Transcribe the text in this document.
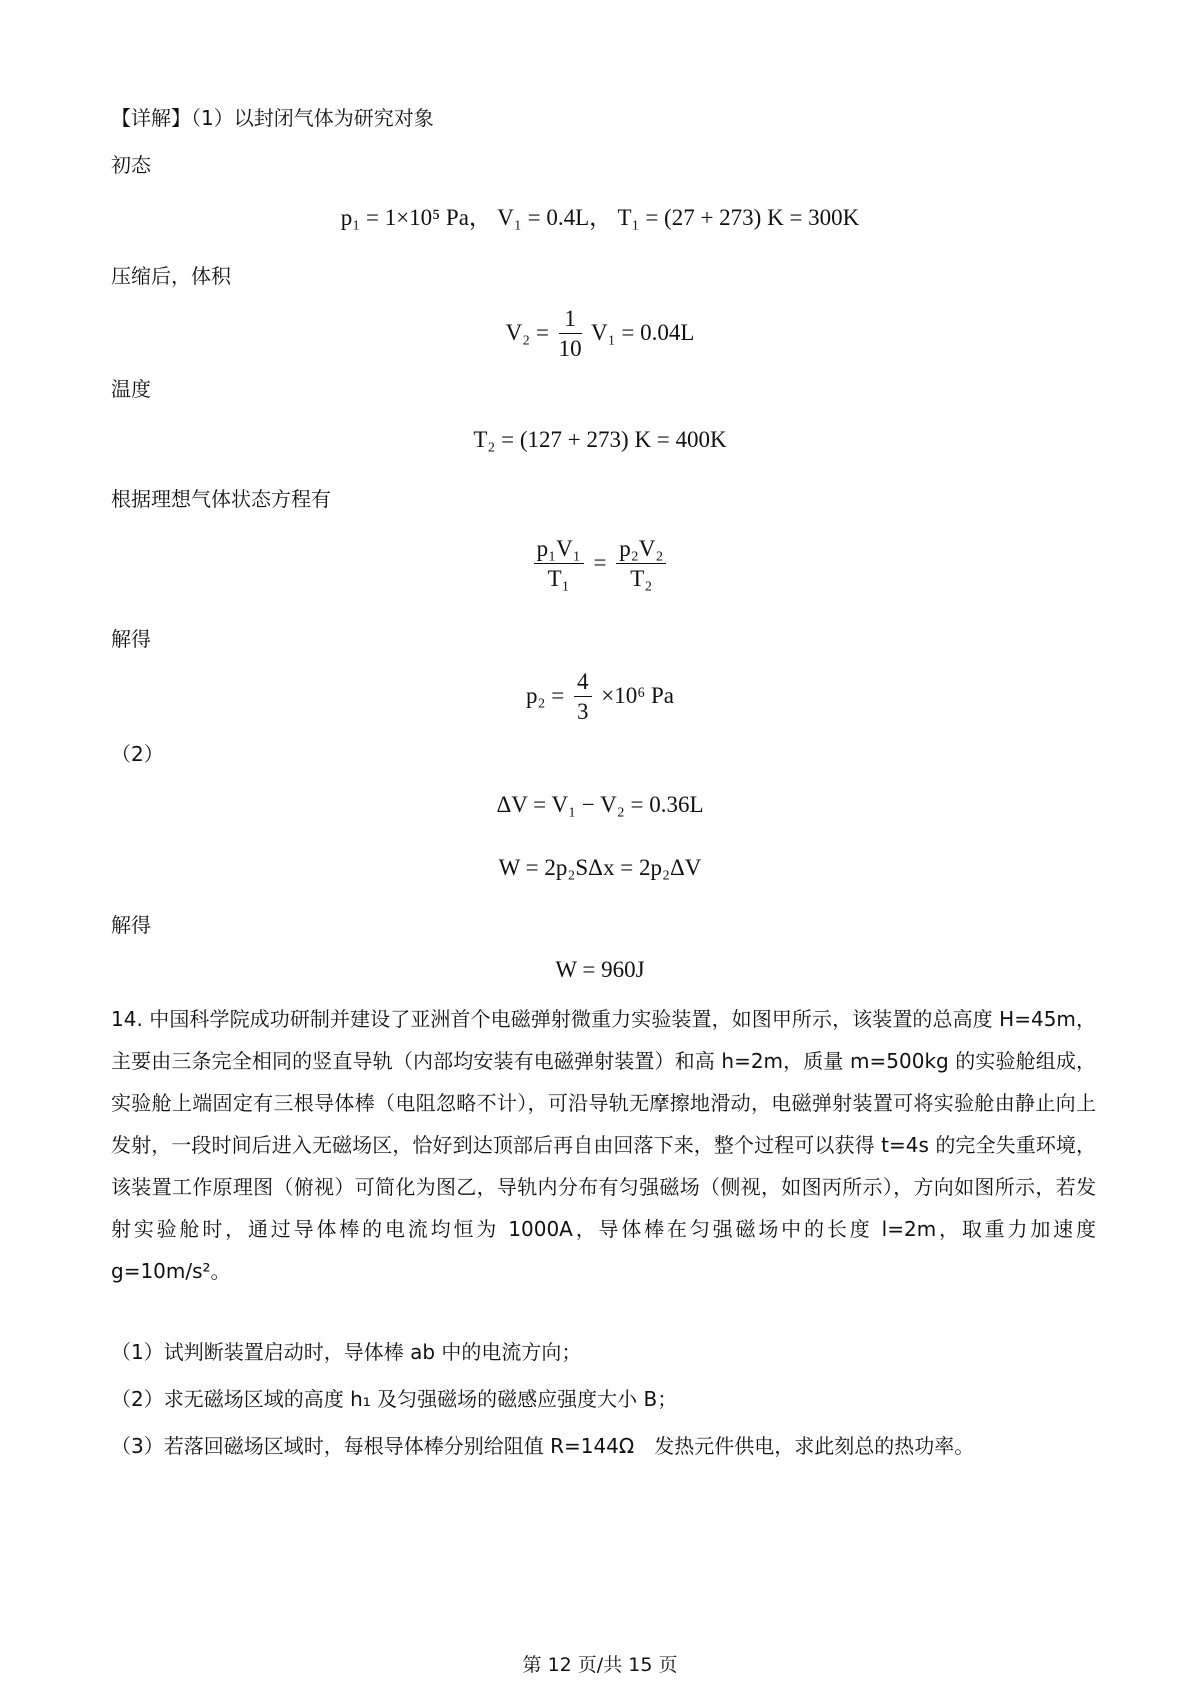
【详解】（1）以封闭气体为研究对象
初态
p₁ = 1×10⁵ Pa， V₁ = 0.4L， T₁ = (27 + 273) K = 300K
压缩后，体积
$V_2 = \frac{1}{10} V_1 = 0.04L$
温度
T₂ = (127 + 273) K = 400K
根据理想气体状态方程有
$\frac{\text{p₁V₁}}{\text{T₁}} = \frac{\text{p₂V₂}}{\text{T₂}}$
解得
$p_2 = \frac{4}{3} \times 10^6$ Pa
（2）
ΔV = V₁ − V₂ = 0.36L
W = 2p₂SΔx = 2p₂ΔV
解得
W = 960J
14. 中国科学院成功研制并建设了亚洲首个电磁弹射微重力实验装置，如图甲所示，该装置的总高度 H=45m，主要由三条完全相同的竖直导轨（内部均安装有电磁弹射装置）和高 h=2m，质量 m=500kg 的实验舱组成，实验舱上端固定有三根导体棒（电阻忽略不计），可沿导轨无摩擦地滑动，电磁弹射装置可将实验舱由静止向上发射，一段时间后进入无磁场区，恰好到达顶部后再自由回落下来，整个过程可以获得 t=4s 的完全失重环境，该装置工作原理图（俯视）可简化为图乙，导轨内分布有匀强磁场（侧视，如图丙所示），方向如图所示，若发射实验舱时，通过导体棒的电流均恒为 1000A，导体棒在匀强磁场中的长度 l=2m，取重力加速度 g=10m/s²。
（1）试判断装置启动时，导体棒 ab 中的电流方向；
（2）求无磁场区域的高度 h₁ 及匀强磁场的磁感应强度大小 B；
（3）若落回磁场区域时，每根导体棒分别给阻值 R=144Ω　发热元件供电，求此刻总的热功率。
第 12 页/共 15 页
